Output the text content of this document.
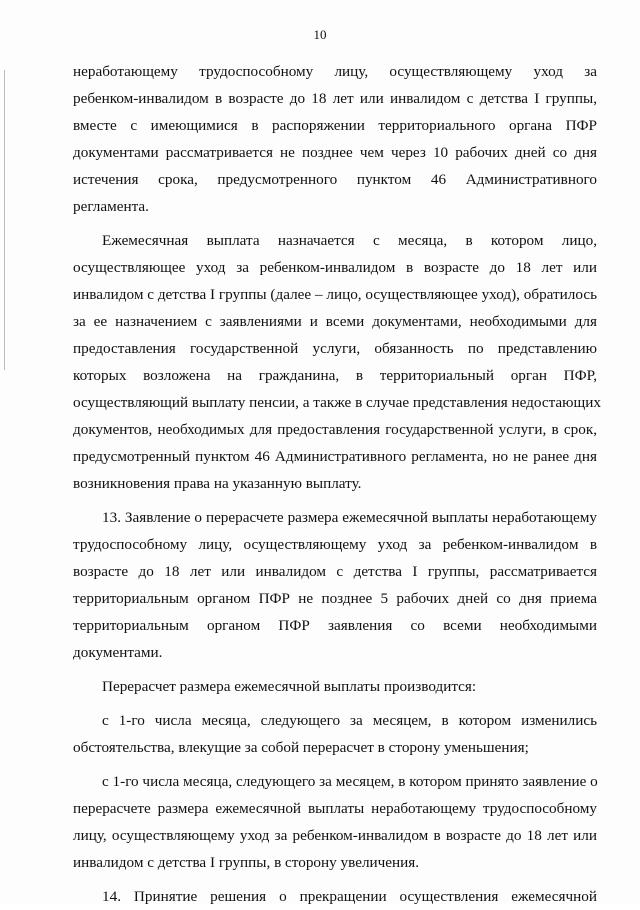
10

неработающему трудоспособному лицу, осуществляющему уход за
ребенком-инвалидом в возрасте до 18 лет или инвалидом с детства I группы,
вместе с имеющимися в распоряжении территориального органа ПФР
документами рассматривается не позднее чем через 10 рабочих дней со дня
истечения срока, предусмотренного пунктом 46 Административного
регламента.

Ежемесячная выплата назначается с месяца, в котором лицо,
осуществляющее уход за ребенком-инвалидом в возрасте до 18 лет или
инвалидом с детства I группы (далее – лицо, осуществляющее уход), обратилось
за ее назначением с заявлениями и всеми документами, необходимыми для
предоставления государственной услуги, обязанность по представлению
которых возложена на гражданина, в территориальный орган ПФР,
осуществляющий выплату пенсии, а также в случае представления недостающих
документов, необходимых для предоставления государственной услуги, в срок,
предусмотренный пунктом 46 Административного регламента, но не ранее дня
возникновения права на указанную выплату.

13. Заявление о перерасчете размера ежемесячной выплаты неработающему
трудоспособному лицу, осуществляющему уход за ребенком-инвалидом в
возрасте до 18 лет или инвалидом с детства I группы, рассматривается
территориальным органом ПФР не позднее 5 рабочих дней со дня приема
территориальным органом ПФР заявления со всеми необходимыми
документами.

Перерасчет размера ежемесячной выплаты производится:

с 1-го числа месяца, следующего за месяцем, в котором изменились
обстоятельства, влекущие за собой перерасчет в сторону уменьшения;

с 1-го числа месяца, следующего за месяцем, в котором принято заявление о
перерасчете размера ежемесячной выплаты неработающему трудоспособному
лицу, осуществляющему уход за ребенком-инвалидом в возрасте до 18 лет или
инвалидом с детства I группы, в сторону увеличения.

14. Принятие решения о прекращении осуществления ежемесячной
